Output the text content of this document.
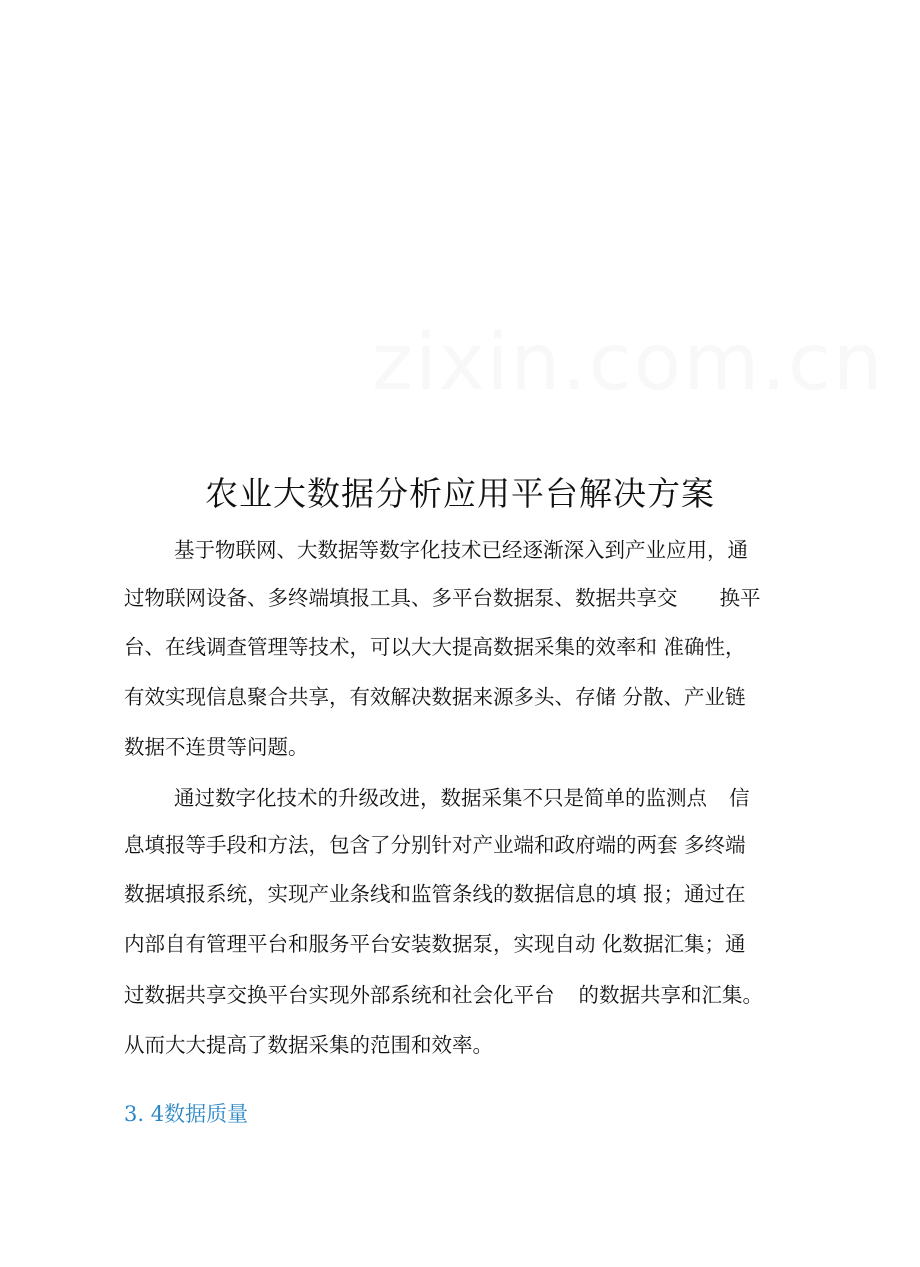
zixin.com.cn
农业大数据分析应用平台解决方案
基于物联网、大数据等数字化技术已经逐渐深入到产业应用，通
过物联网设备、多终端填报工具、多平台数据泵、数据共享交 换平
台、在线调查管理等技术，可以大大提高数据采集的效率和 准确性，
有效实现信息聚合共享，有效解决数据来源多头、存储 分散、产业链
数据不连贯等问题。
通过数字化技术的升级改进，数据采集不只是简单的监测点 信
息填报等手段和方法，包含了分别针对产业端和政府端的两套 多终端
数据填报系统，实现产业条线和监管条线的数据信息的填 报；通过在
内部自有管理平台和服务平台安装数据泵，实现自动 化数据汇集；通
过数据共享交换平台实现外部系统和社会化平台 的数据共享和汇集。
从而大大提高了数据采集的范围和效率。
3. 4数据质量
